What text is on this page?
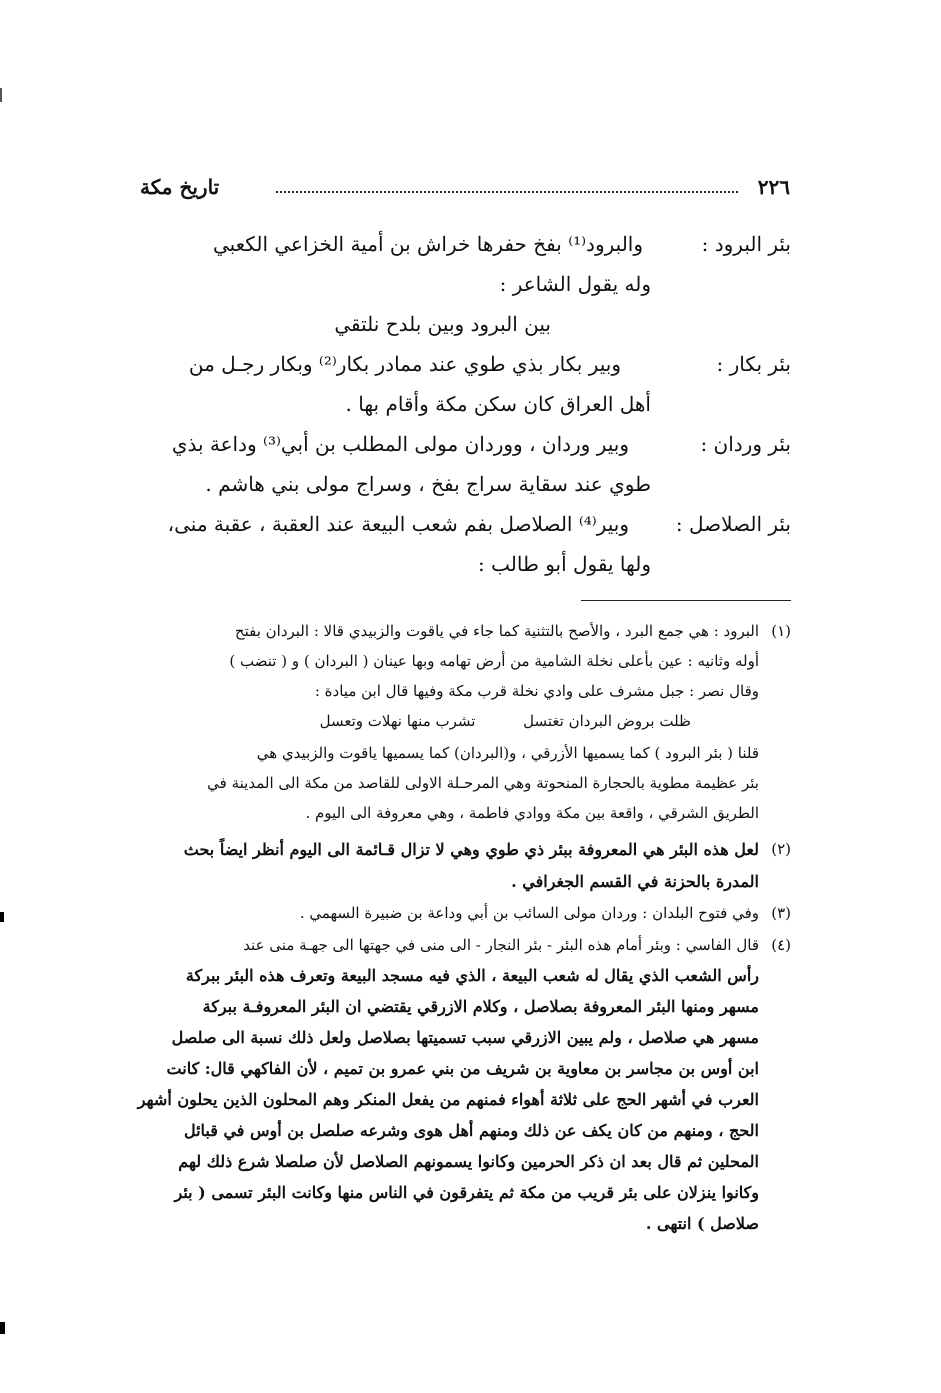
٢٢٦
تاريخ مكة
بئر البرود :
والبرود⁽¹⁾ بفخ حفرها خراش بن أمية الخزاعي الكعبي
وله يقول الشاعر :
بين البرود وبين بلدح نلتقي
بئر بكار :
وبير بكار بذي طوي عند ممادر بكار⁽²⁾ وبكار رجـل من
أهل العراق كان سكن مكة وأقام بها .
بئر وردان :
وبير وردان ، ووردان مولى المطلب بن أبي⁽³⁾ وداعة بذي
طوي عند سقاية سراج بفخ ، وسراج مولى بني هاشم .
بئر الصلاصل :
وبير⁽⁴⁾ الصلاصل بفم شعب البيعة عند العقبة ، عقبة منى،
ولها يقول أبو طالب :
(١)
البرود : هي جمع البرد ، والأصح بالتثنية كما جاء في ياقوت والزبيدي قالا : البردان بفتح
أوله وثانيه : عين بأعلى نخلة الشامية من أرض تهامه وبها عينان ( البردان ) و ( تنضب )
وقال نصر : جبل مشرف على وادي نخلة قرب مكة وفيها قال ابن ميادة :
ظلت بروض البردان تغتسل          تشرب منها نهلات وتعسل
قلنا ( بئر البرود ) كما يسميها الأزرقي ، و(البردان) كما يسميها ياقوت والزبيدي هي
بئر عظيمة مطوية بالحجارة المنحوتة وهي المرحـلة الاولى للقاصد من مكة الى المدينة في
الطريق الشرقي ، واقعة بين مكة ووادي فاطمة ، وهي معروفة الى اليوم .
(٢)
لعل هذه البئر هي المعروفة ببئر ذي طوي وهي لا تزال قـائمة الى اليوم أنظر ايضاً بحث
المدرة بالحزنة في القسم الجغرافي .
(٣)
وفي فتوح البلدان : وردان مولى السائب بن أبي وداعة بن ضبيرة السهمي .
(٤)
قال الفاسي : وبئر أمام هذه البئر - بئر النجار - الى منى في جهتها الى جهـة منى عند
رأس الشعب الذي يقال له شعب البيعة ، الذي فيه مسجد البيعة وتعرف هذه البئر ببركة
مسهر ومنها البئر المعروفة بصلاصل ، وكلام الازرقي يقتضي ان البئر المعروفـة ببركة
مسهر هي صلاصل ، ولم يبين الازرقي سبب تسميتها بصلاصل ولعل ذلك نسبة الى صلصل
ابن أوس بن مجاسر بن معاوية بن شريف من بني عمرو بن تميم ، لأن الفاكهي قال: كانت
العرب في أشهر الحج على ثلاثة أهواء فمنهم من يفعل المنكر وهم المحلون الذين يحلون أشهر
الحج ، ومنهم من كان يكف عن ذلك ومنهم أهل هوى وشرعه صلصل بن أوس في قبائل
المحلين ثم قال بعد ان ذكر الحرمين وكانوا يسمونهم الصلاصل لأن صلصلا شرع ذلك لهم
وكانوا ينزلان على بئر قريب من مكة ثم يتفرقون في الناس منها وكانت البئر تسمى ( بئر
صلاصل ) انتهى .
